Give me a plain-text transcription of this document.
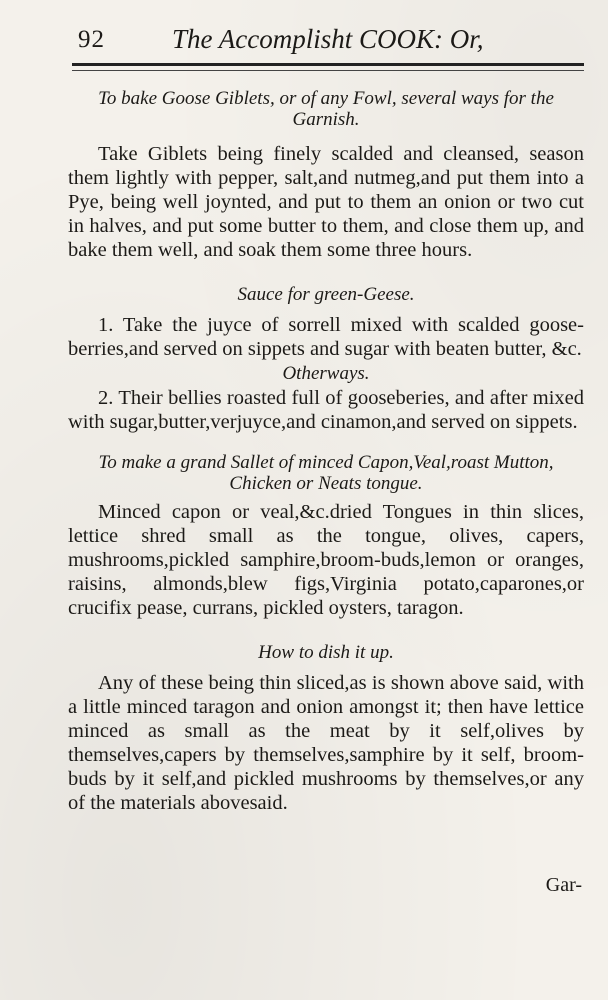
92 The Accomplisht COOK: Or,

To bake Goose Giblets, or of any Fowl, several ways for the Garnish.

Take Giblets being finely scalded and cleansed, season them lightly with pepper, salt,and nutmeg,and put them into a Pye, being well joynted, and put to them an onion or two cut in halves, and put some butter to them, and close them up, and bake them well, and soak them some three hours.

Sauce for green-Geese.

1. Take the juyce of sorrell mixed with scalded goose-berries,and served on sippets and sugar with beaten butter, &c.

Otherways.

2. Their bellies roasted full of gooseberies, and after mixed with sugar,butter,verjuyce,and cinamon,and served on sippets.

To make a grand Sallet of minced Capon,Veal,roast Mutton, Chicken or Neats tongue.

Minced capon or veal,&c.dried Tongues in thin slices, lettice shred small as the tongue, olives, capers, mushrooms,pickled samphire,broom-buds,lemon or oranges, raisins, almonds,blew figs,Virginia potato,caparones,or crucifix pease, currans, pickled oysters, taragon.

How to dish it up.

Any of these being thin sliced,as is shown above said, with a little minced taragon and onion amongst it; then have lettice minced as small as the meat by it self,olives by themselves,capers by themselves,samphire by it self, broom-buds by it self,and pickled mushrooms by themselves,or any of the materials abovesaid.

Gar-
